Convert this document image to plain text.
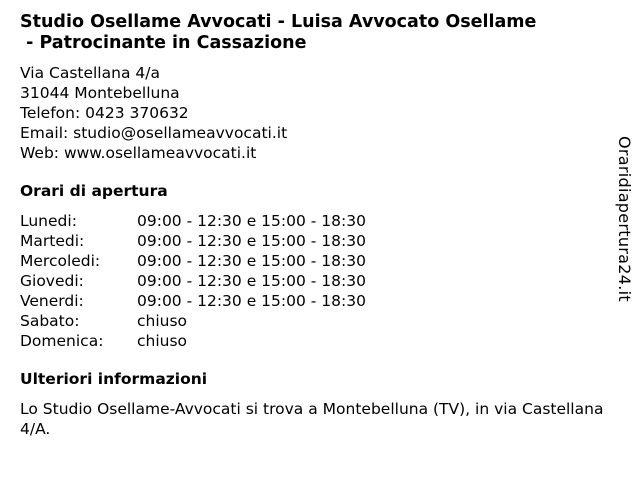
Studio Osellame Avvocati - Luisa Avvocato Osellame
- Patrocinante in Cassazione
Via Castellana 4/a
31044 Montebelluna
Telefon: 0423 370632
Email: studio@osellameavvocati.it
Web: www.osellameavvocati.it
Orari di apertura
Lunedi:	09:00 - 12:30 e 15:00 - 18:30
Martedi:	09:00 - 12:30 e 15:00 - 18:30
Mercoledi:	09:00 - 12:30 e 15:00 - 18:30
Giovedi:	09:00 - 12:30 e 15:00 - 18:30
Venerdi:	09:00 - 12:30 e 15:00 - 18:30
Sabato:	chiuso
Domenica:	chiuso
Ulteriori informazioni
Lo Studio Osellame-Avvocati si trova a Montebelluna (TV), in via Castellana 4/A.
Oraridiapertura24.it
